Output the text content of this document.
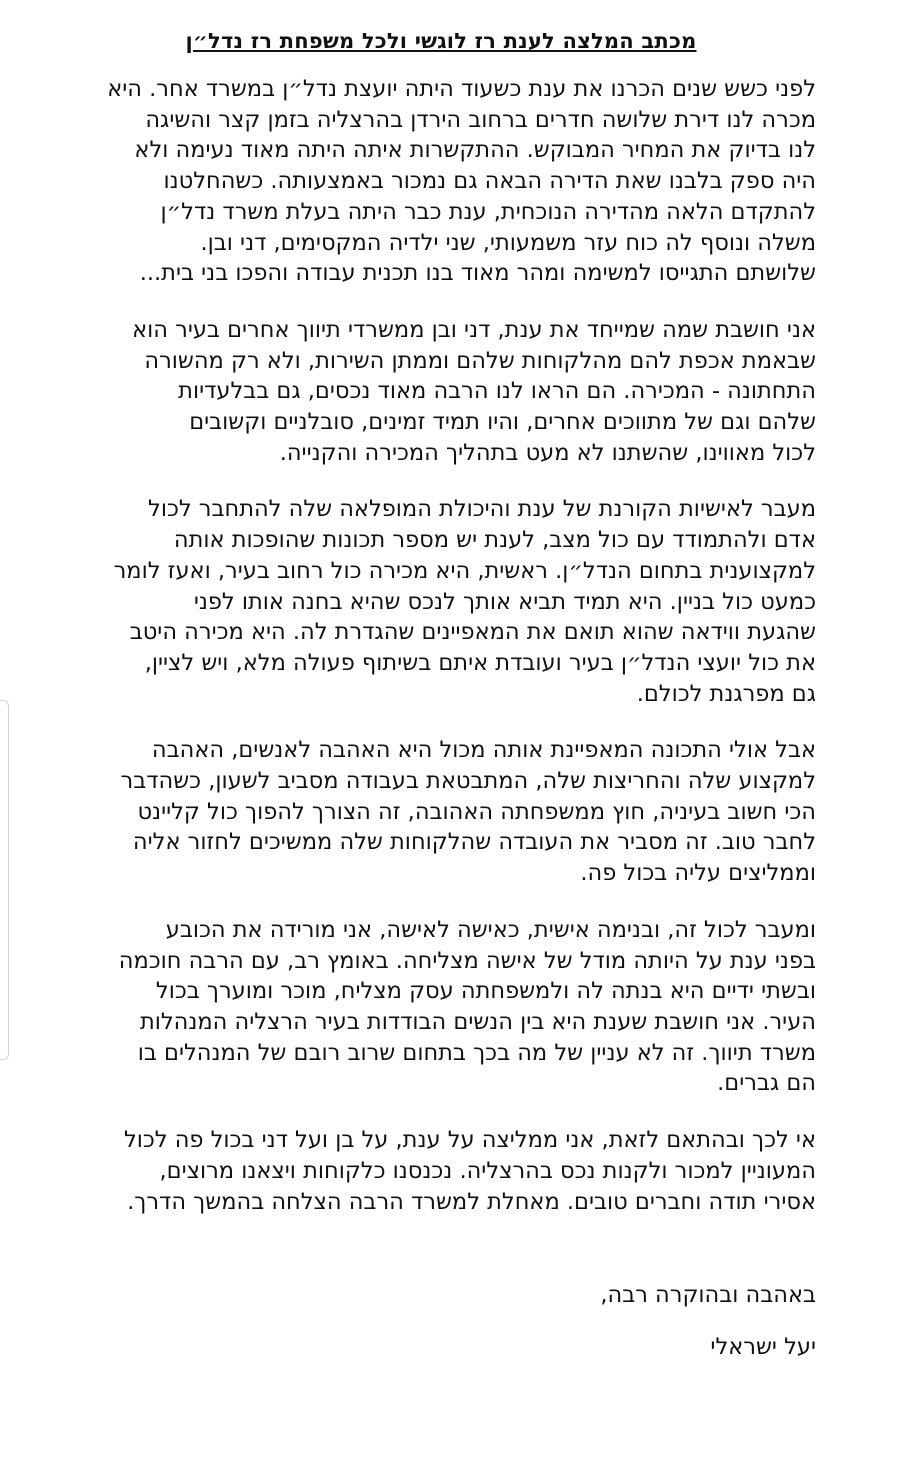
מכתב המלצה לענת רז לוגשי ולכל משפחת רז נדל״ן
לפני כשש שנים הכרנו את ענת כשעוד היתה יועצת נדל״ן במשרד אחר. היא
מכרה לנו דירת שלושה חדרים ברחוב הירדן בהרצליה בזמן קצר והשיגה
לנו בדיוק את המחיר המבוקש. ההתקשרות איתה היתה מאוד נעימה ולא
היה ספק בלבנו שאת הדירה הבאה גם נמכור באמצעותה. כשהחלטנו
להתקדם הלאה מהדירה הנוכחית, ענת כבר היתה בעלת משרד נדל״ן
משלה ונוסף לה כוח עזר משמעותי, שני ילדיה המקסימים, דני ובן.
שלושתם התגייסו למשימה ומהר מאוד בנו תכנית עבודה והפכו בני בית...
אני חושבת שמה שמייחד את ענת, דני ובן ממשרדי תיווך אחרים בעיר הוא
שבאמת אכפת להם מהלקוחות שלהם וממתן השירות, ולא רק מהשורה
התחתונה - המכירה. הם הראו לנו הרבה מאוד נכסים, גם בבלעדיות
שלהם וגם של מתווכים אחרים, והיו תמיד זמינים, סובלניים וקשובים
לכול מאווינו, שהשתנו לא מעט בתהליך המכירה והקנייה.
מעבר לאישיות הקורנת של ענת והיכולת המופלאה שלה להתחבר לכול
אדם ולהתמודד עם כול מצב, לענת יש מספר תכונות שהופכות אותה
למקצוענית בתחום הנדל״ן. ראשית, היא מכירה כול רחוב בעיר, ואעז לומר
כמעט כול בניין. היא תמיד תביא אותך לנכס שהיא בחנה אותו לפני
שהגעת ווידאה שהוא תואם את המאפיינים שהגדרת לה. היא מכירה היטב
את כול יועצי הנדל״ן בעיר ועובדת איתם בשיתוף פעולה מלא, ויש לציין,
גם מפרגנת לכולם.
אבל אולי התכונה המאפיינת אותה מכול היא האהבה לאנשים, האהבה
למקצוע שלה והחריצות שלה, המתבטאת בעבודה מסביב לשעון, כשהדבר
הכי חשוב בעיניה, חוץ ממשפחתה האהובה, זה הצורך להפוך כול קליינט
לחבר טוב. זה מסביר את העובדה שהלקוחות שלה ממשיכים לחזור אליה
וממליצים עליה בכול פה.
ומעבר לכול זה, ובנימה אישית, כאישה לאישה, אני מורידה את הכובע
בפני ענת על היותה מודל של אישה מצליחה. באומץ רב, עם הרבה חוכמה
ובשתי ידיים היא בנתה לה ולמשפחתה עסק מצליח, מוכר ומוערך בכול
העיר. אני חושבת שענת היא בין הנשים הבודדות בעיר הרצליה המנהלות
משרד תיווך. זה לא עניין של מה בכך בתחום שרוב רובם של המנהלים בו
הם גברים.
אי לכך ובהתאם לזאת, אני ממליצה על ענת, על בן ועל דני בכול פה לכול
המעוניין למכור ולקנות נכס בהרצליה. נכנסנו כלקוחות ויצאנו מרוצים,
אסירי תודה וחברים טובים. מאחלת למשרד הרבה הצלחה בהמשך הדרך.
באהבה ובהוקרה רבה,
יעל ישראלי
